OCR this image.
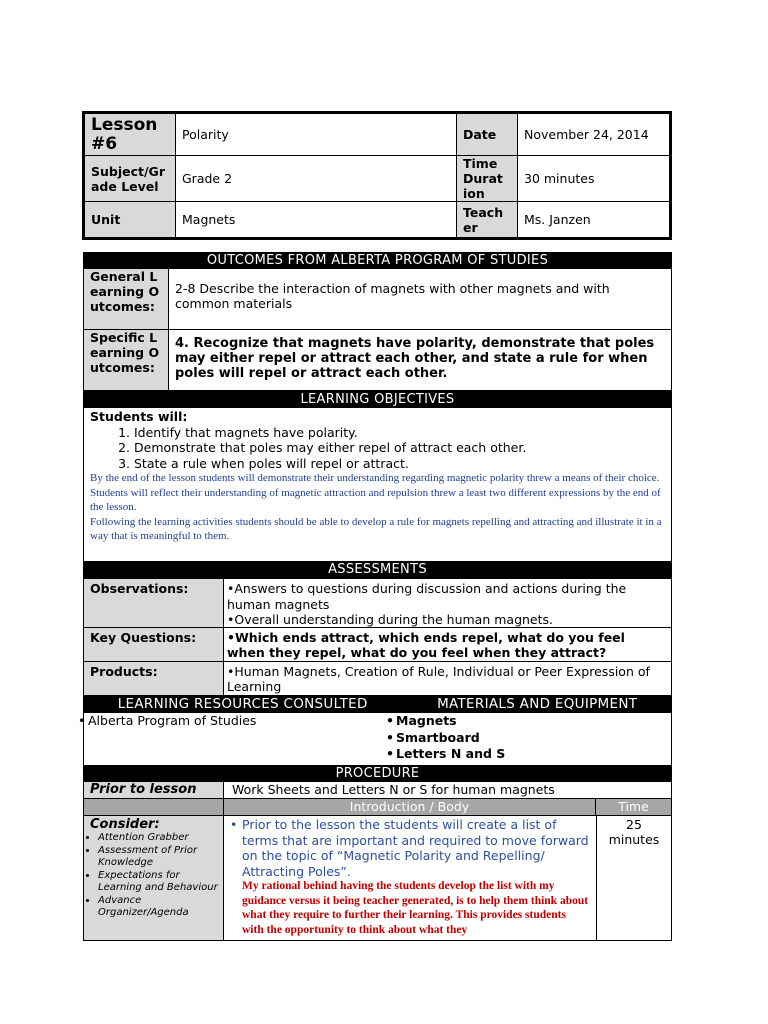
Lesson #6	Polarity	Date	November 24, 2014

Subject/Grade Level	Grade 2	Time Duration	30 minutes
Unit	Magnets	Teacher	Ms. Janzen
OUTCOMES FROM ALBERTA PROGRAM OF STUDIES
General Learning Outcomes:
2-8 Describe the interaction of magnets with other magnets and with common materials
Specific Learning Outcomes:
4. Recognize that magnets have polarity, demonstrate that poles may either repel or attract each other, and state a rule for when poles will repel or attract each other.
LEARNING OBJECTIVES
Students will:
1. Identify that magnets have polarity.
2. Demonstrate that poles may either repel of attract each other.
3. State a rule when poles will repel or attract.
By the end of the lesson students will demonstrate their understanding regarding magnetic polarity threw a means of their choice.
Students will reflect their understanding of magnetic attraction and repulsion threw a least two different expressions by the end of the lesson.
Following the learning activities students should be able to develop a rule for magnets repelling and attracting and illustrate it in a way that is meaningful to them.
ASSESSMENTS
Observations:	•Answers to questions during discussion and actions during the human magnets
•Overall understanding during the human magnets.
Key Questions:	•Which ends attract, which ends repel, what do you feel when they repel, what do you feel when they attract?
Products:	•Human Magnets, Creation of Rule, Individual or Peer Expression of Learning
LEARNING RESOURCES CONSULTED	MATERIALS AND EQUIPMENT
• Alberta Program of Studies	• Magnets
• Smartboard
• Letters N and S
PROCEDURE
Prior to lesson	Work Sheets and Letters N or S for human magnets
Introduction / Body	Time
Consider:
• Attention Grabber
• Assessment of Prior Knowledge
• Expectations for Learning and Behaviour
• Advance Organizer/Agenda
• Prior to the lesson the students will create a list of terms that are important and required to move forward on the topic of “Magnetic Polarity and Repelling/ Attracting Poles”.
My rational behind having the students develop the list with my guidance versus it being teacher generated, is to help them think about what they require to further their learning. This provides students with the opportunity to think about what they
25 minutes
